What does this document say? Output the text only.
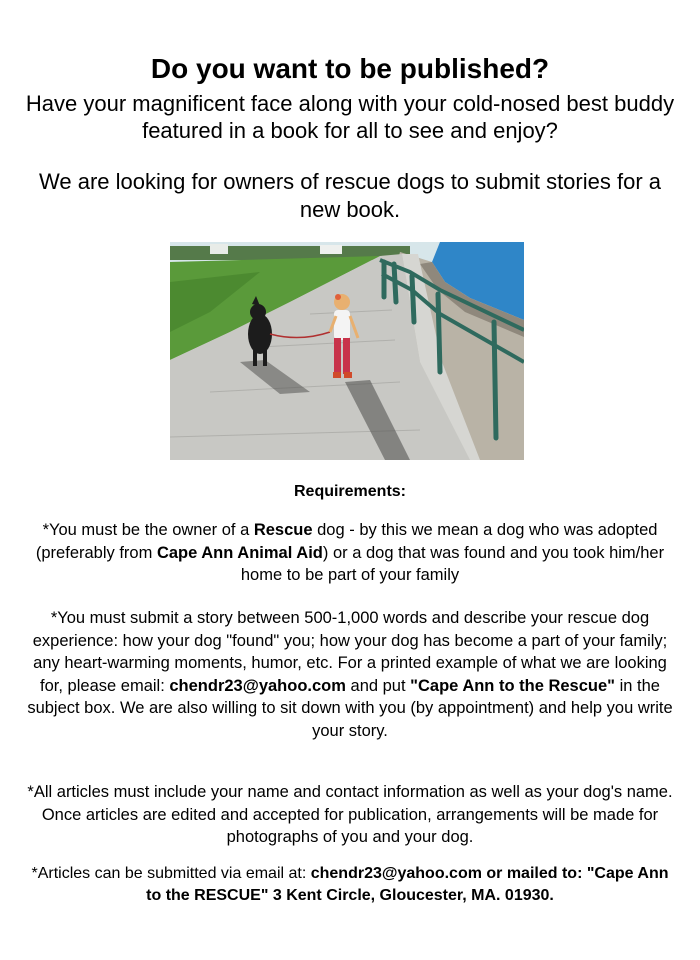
Do you want to be published?
Have your magnificent face along with your cold-nosed best buddy featured in a book for all to see and enjoy?
We are looking for owners of rescue dogs to submit stories for a new book.
Requirements:
*You must be the owner of a Rescue dog - by this we mean a dog who was adopted (preferably from Cape Ann Animal Aid) or a dog that was found and you took him/her home to be part of your family
*You must submit a story between 500-1,000 words and describe your rescue dog experience: how your dog "found" you; how your dog has become a part of your family; any heart-warming moments, humor, etc. For a printed example of what we are looking for, please email: chendr23@yahoo.com and put "Cape Ann to the Rescue" in the subject box. We are also willing to sit down with you (by appointment) and help you write your story.
*All articles must include your name and contact information as well as your dog's name. Once articles are edited and accepted for publication, arrangements will be made for photographs of you and your dog.
*Articles can be submitted via email at: chendr23@yahoo.com or mailed to: "Cape Ann to the RESCUE" 3 Kent Circle, Gloucester, MA. 01930.
